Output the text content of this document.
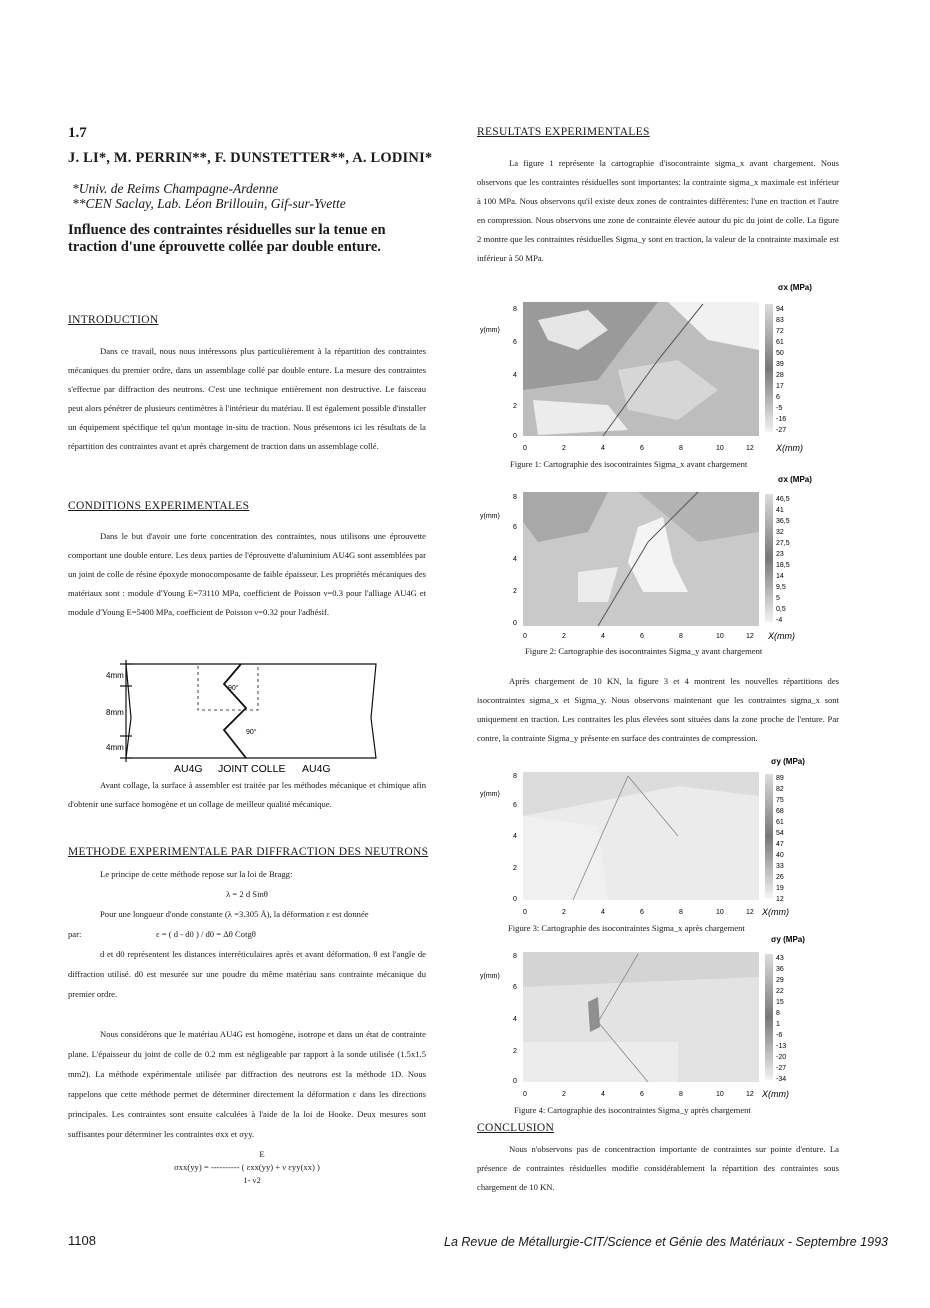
1.7
J. LI*, M. PERRIN**, F. DUNSTETTER**, A. LODINI*
*Univ. de Reims Champagne-Ardenne
**CEN Saclay, Lab. Léon Brillouin, Gif-sur-Yvette
Influence des contraintes résiduelles sur la tenue en traction d'une éprouvette collée par double enture.
INTRODUCTION
Dans ce travail, nous nous intéressons plus particulièrement à la répartition des contraintes mécaniques du premier ordre, dans un assemblage collé par double enture. La mesure des contraintes s'effectue par diffraction des neutrons. C'est une technique entièrement non destructive. Le faisceau peut alors pénétrer de plusieurs centimètres à l'intérieur du matériau. Il est également possible d'installer un équipement spécifique tel qu'un montage in-situ de traction. Nous présentons ici les résultats de la répartition des contraintes avant et après chargement de traction dans un assemblage collé.
CONDITIONS EXPERIMENTALES
Dans le but d'avoir une forte concentration des contraintes, nous utilisons une éprouvette comportant une double enture. Les deux parties de l'éprouvette d'aluminium AU4G sont assemblées par un joint de colle de résine époxyde monocomposante de faible épaisseur. Les propriétés mécaniques des matériaux sont : module d'Young E=73110 MPa, coefficient de Poisson ν=0.3 pour l'alliage AU4G et module d'Young E=5400 MPa, coefficient de Poisson ν=0.32 pour l'adhésif.
4mm
8mm
4mm
90°
90°
AU4G JOINT COLLE AU4G
Avant collage, la surface à assembler est traitée par les méthodes mécanique et chimique afin d'obtenir une surface homogène et un collage de meilleur qualité mécanique.
METHODE EXPERIMENTALE PAR DIFFRACTION DES NEUTRONS
Le principe de cette méthode repose sur la loi de Bragg:
λ = 2 d Sinθ
Pour une longueur d'onde constante (λ =3.305 Å), la déformation ε est donnée
par:	ε = ( d - d0 ) / d0 = Δθ Cotgθ
d et d0 représentent les distances interréticulaires après et avant déformation. θ est l'angle de diffraction utilisé. d0 est mesurée sur une poudre du même matériau sans contrainte mécanique du premier ordre.
Nous considérons que le matériau AU4G est homogène, isotrope et dans un état de contrainte plane. L'épaisseur du joint de colle de 0.2 mm est négligeable par rapport à la sonde utilisée (1.5x1.5 mm2). La méthode expérimentale utilisée par diffraction des neutrons est la méthode 1D. Nous rappelons que cette méthode permet de déterminer directement la déformation ε dans les directions principales. Les contraintes sont ensuite calculées à l'aide de la loi de Hooke. Deux mesures sont suffisantes pour déterminer les contraintes σxx et σyy.
E
σxx(yy) = ---------- ( εxx(yy) + ν εyy(xx) )
1- ν2
RESULTATS EXPERIMENTALES
La figure 1 représente la cartographie d'isocontrainte sigma_x avant chargement. Nous observons que les contraintes résiduelles sont importantes: la contrainte sigma_x maximale est inférieur à 100 MPa. Nous observons qu'il existe deux zones de contraintes différentes: l'une en traction et l'autre en compression. Nous observons une zone de contrainte élevée autour du pic du joint de colle. La figure 2 montre que les contraintes résiduelles Sigma_y sont en traction, la valeur de la contrainte maximale est inférieur à 50 MPa.
σx (MPa)
y(mm)
94
83
72
61
50
39
28
17
6
-5
-16
-27
8
6
4
2
0
0	2	4	6	8	10	12 X(mm)
Figure 1: Cartographie des isocontraintes Sigma_x avant chargement
σx (MPa)
y(mm)
46,5
41
36,5
32
27,5
23
18,5
14
9,5
5
0,5
-4
8
6
4
2
0
0	2	4	6	8	10	12 X(mm)
Figure 2: Cartographie des isocontraintes Sigma_y avant chargement
Après chargement de 10 KN, la figure 3 et 4 montrent les nouvelles répartitions des isocontraintes sigma_x et Sigma_y. Nous observons maintenant que les contraintes sigma_x sont uniquement en traction. Les contraites les plus élevées sont situées dans la zone proche de l'enture. Par contre, la contrainte Sigma_y présente en surface des contraintes de compression.
σy (MPa)
y(mm)
89
82
75
68
61
54
47
40
33
26
19
12
8
6
4
2
0
0	2	4	6	8	10	12 X(mm)
Figure 3: Cartographie des isocontraintes Sigma_x après chargement
σy (MPa)
y(mm)
43
36
29
22
15
8
1
-6
-13
-20
-27
-34
8
6
4
2
0
0	2	4	6	8	10	12 X(mm)
Figure 4: Cartographie des isocontraintes Sigma_y après chargement
CONCLUSION
Nous n'observons pas de concentraction importante de contraintes sur pointe d'enture. La présence de contraintes résiduelles modifie considérablement la répartition des contraintes sous chargement de 10 KN.
1108	La Revue de Métallurgie-CIT/Science et Génie des Matériaux - Septembre 1993
